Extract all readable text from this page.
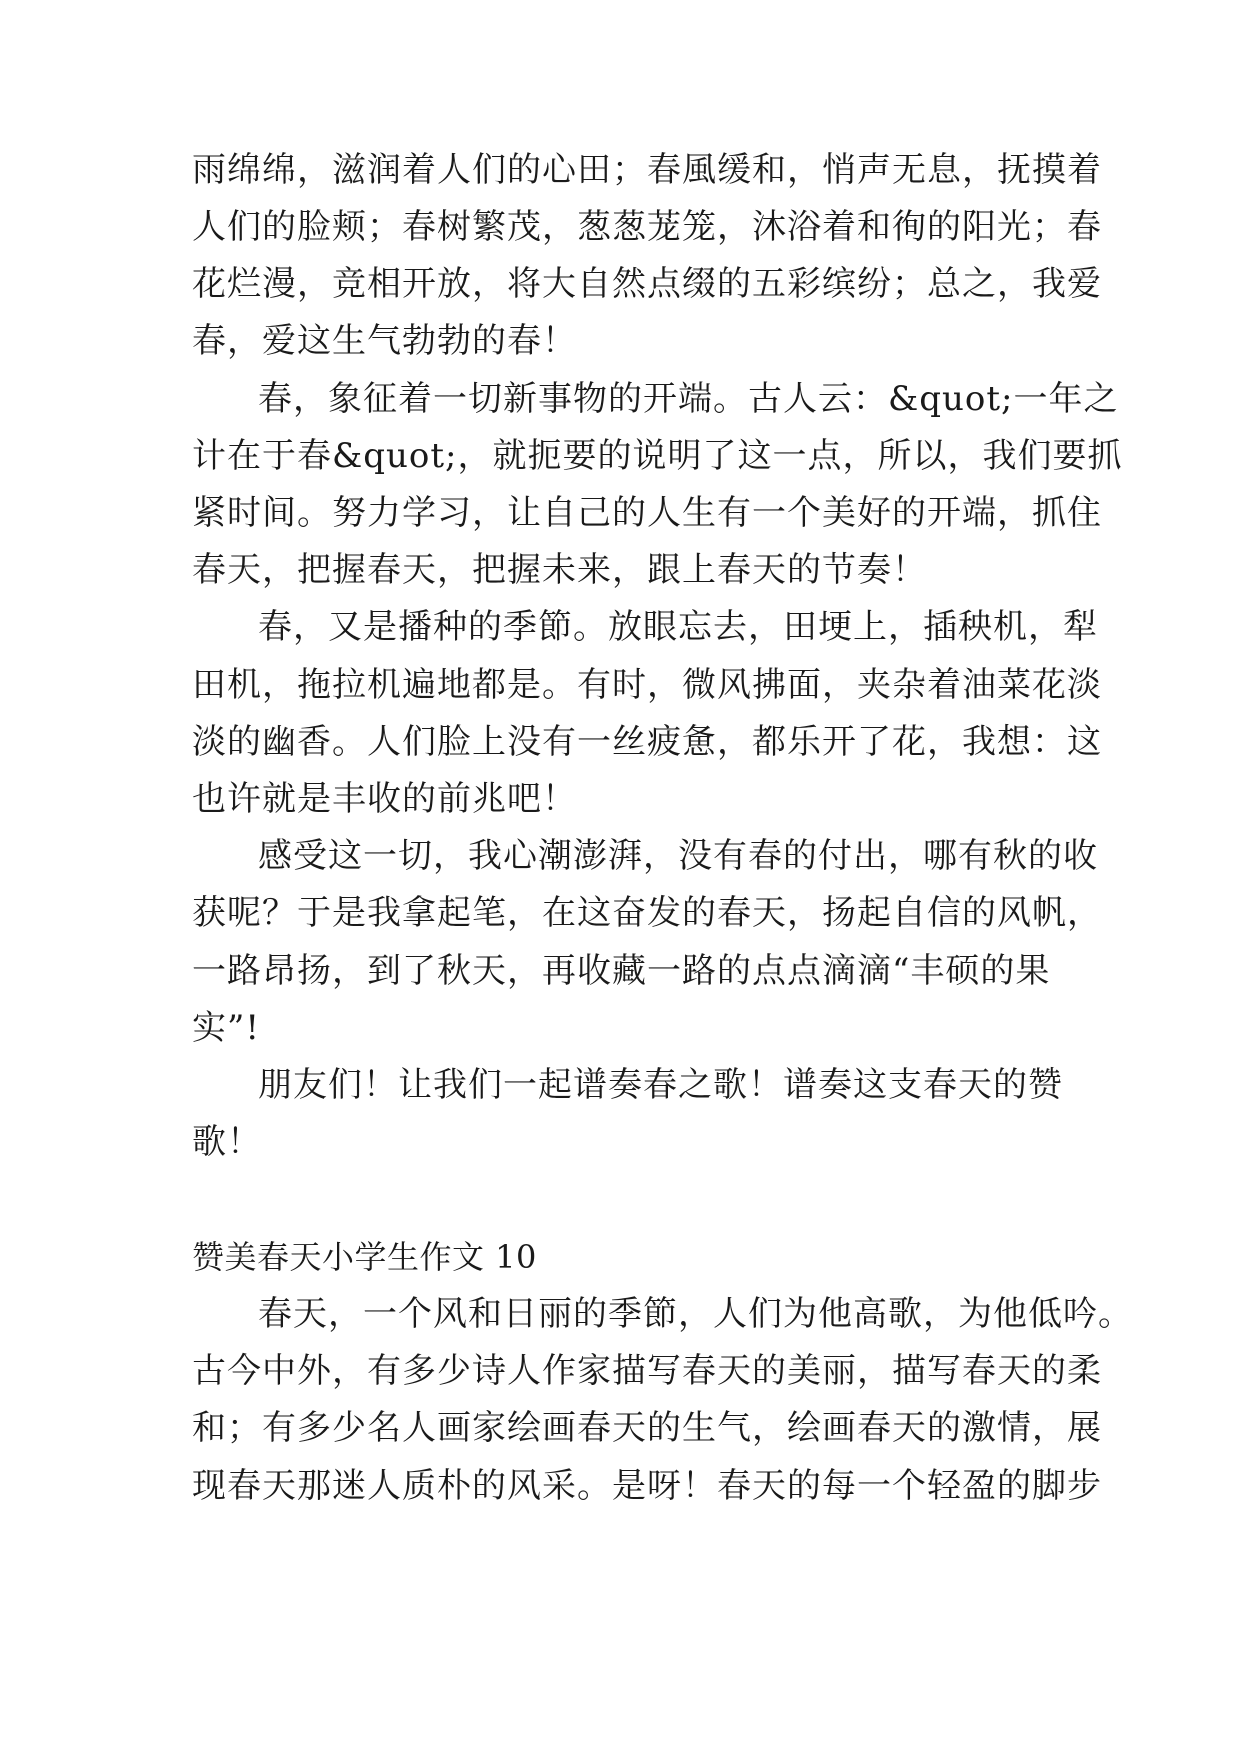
雨绵绵，滋润着人们的心田；春風缓和，悄声无息，抚摸着
人们的脸颊；春树繁茂，葱葱茏笼，沐浴着和徇的阳光；春
花烂漫，竞相开放，将大自然点缀的五彩缤纷；总之，我爱
春，爱这生气勃勃的春！
春，象征着一切新事物的开端。古人云：&quot;一年之
计在于春&quot;，就扼要的说明了这一点，所以，我们要抓
紧时间。努力学习，让自己的人生有一个美好的开端，抓住
春天，把握春天，把握未来，跟上春天的节奏！
春，又是播种的季節。放眼忘去，田埂上，插秧机，犁
田机，拖拉机遍地都是。有时，微风拂面，夹杂着油菜花淡
淡的幽香。人们脸上没有一丝疲惫，都乐开了花，我想：这
也许就是丰收的前兆吧！
感受这一切，我心潮澎湃，没有春的付出，哪有秋的收
获呢？于是我拿起笔，在这奋发的春天，扬起自信的风帆，
一路昂扬，到了秋天，再收藏一路的点点滴滴“丰硕的果
实”!
朋友们！让我们一起谱奏春之歌！谱奏这支春天的赞
歌！
赞美春天小学生作文 10
春天，一个风和日丽的季節，人们为他高歌，为他低吟。
古今中外，有多少诗人作家描写春天的美丽，描写春天的柔
和；有多少名人画家绘画春天的生气，绘画春天的激情，展
现春天那迷人质朴的风采。是呀！春天的每一个轻盈的脚步
